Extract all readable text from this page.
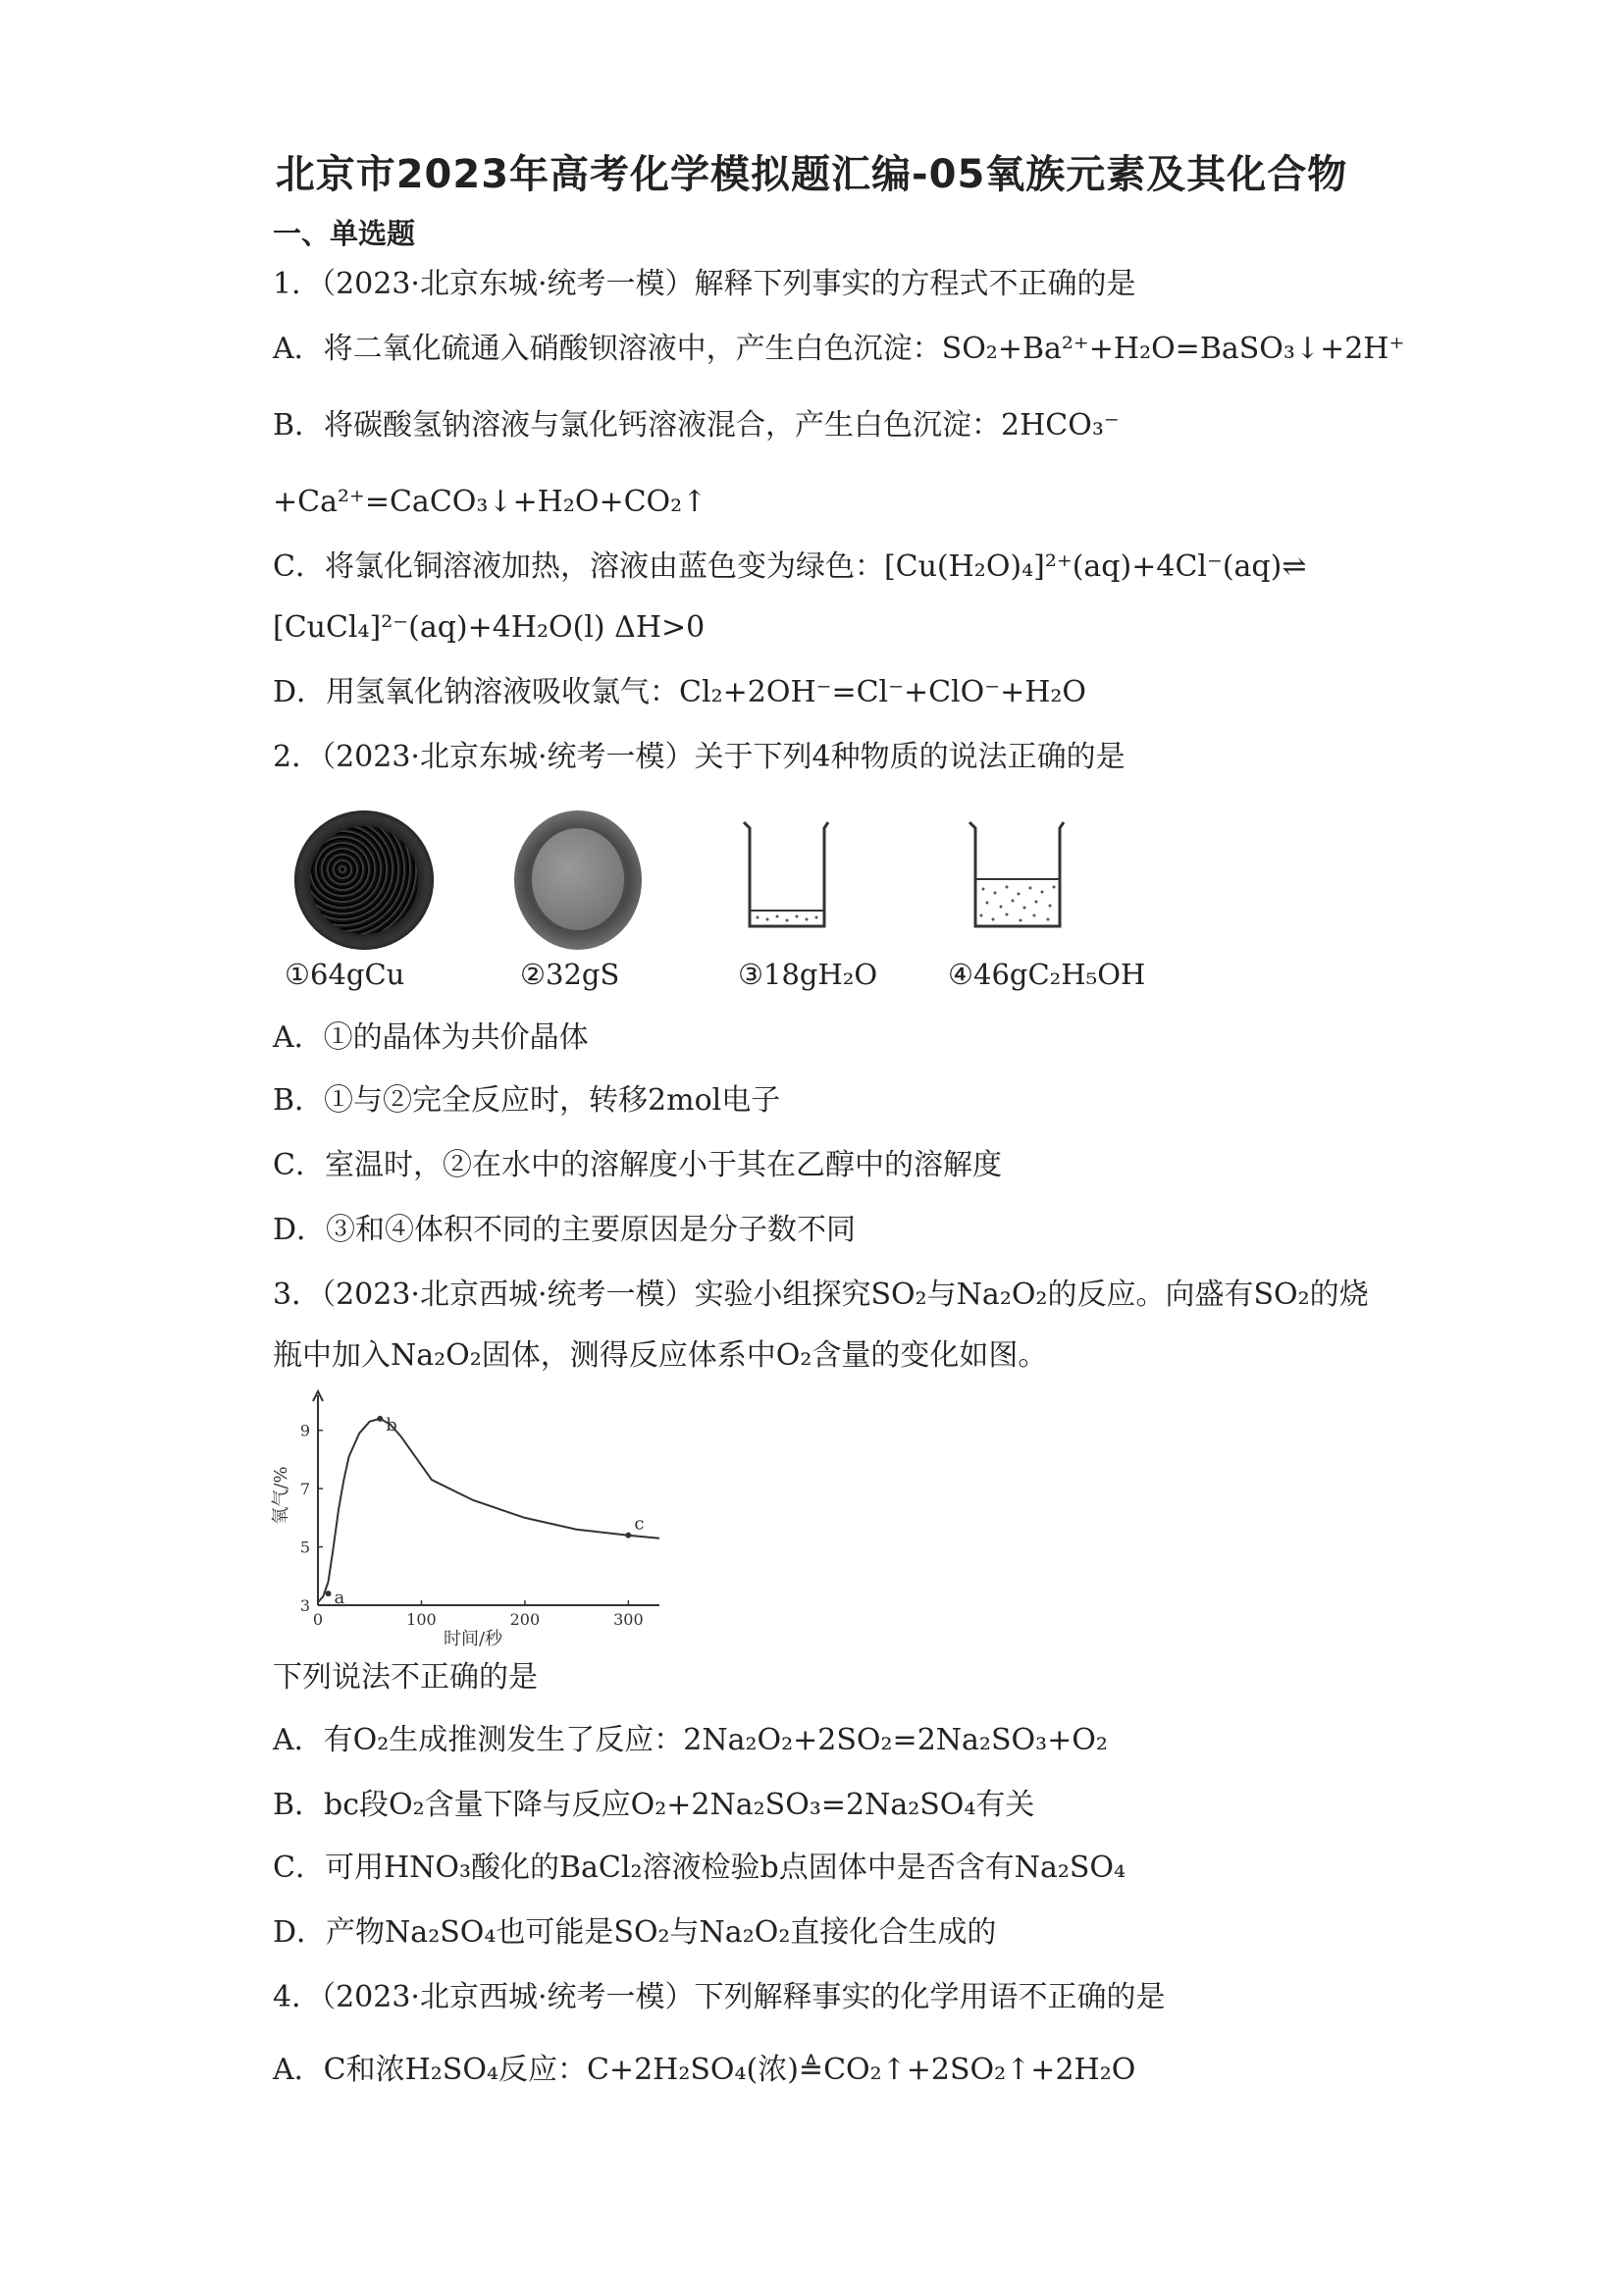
北京市2023年高考化学模拟题汇编-05氧族元素及其化合物
一、单选题
1．（2023·北京东城·统考一模）解释下列事实的方程式不正确的是
A．将二氧化硫通入硝酸钡溶液中，产生白色沉淀：SO₂+Ba²⁺+H₂O=BaSO₃↓+2H⁺
B．将碳酸氢钠溶液与氯化钙溶液混合，产生白色沉淀：2HCO₃⁻
+Ca²⁺=CaCO₃↓+H₂O+CO₂↑
C．将氯化铜溶液加热，溶液由蓝色变为绿色：[Cu(H₂O)₄]²⁺(aq)+4Cl⁻(aq)⇌
[CuCl₄]²⁻(aq)+4H₂O(l) ΔH>0
D．用氢氧化钠溶液吸收氯气：Cl₂+2OH⁻=Cl⁻+ClO⁻+H₂O
2．（2023·北京东城·统考一模）关于下列4种物质的说法正确的是
①64gCu	②32gS	③18gH₂O ④46gC₂H₅OH
A．①的晶体为共价晶体
B．①与②完全反应时，转移2mol电子
C．室温时，②在水中的溶解度小于其在乙醇中的溶解度
D．③和④体积不同的主要原因是分子数不同
3．（2023·北京西城·统考一模）实验小组探究SO₂与Na₂O₂的反应。向盛有SO₂的烧
瓶中加入Na₂O₂固体，测得反应体系中O₂含量的变化如图。
a
b
c
0	100	200	300
3
5
7
9
时间/秒
氧气/%
下列说法不正确的是
A．有O₂生成推测发生了反应：2Na₂O₂+2SO₂=2Na₂SO₃+O₂
B．bc段O₂含量下降与反应O₂+2Na₂SO₃=2Na₂SO₄有关
C．可用HNO₃酸化的BaCl₂溶液检验b点固体中是否含有Na₂SO₄
D．产物Na₂SO₄也可能是SO₂与Na₂O₂直接化合生成的
4．（2023·北京西城·统考一模）下列解释事实的化学用语不正确的是
A．C和浓H₂SO₄反应：C+2H₂SO₄(浓)≜CO₂↑+2SO₂↑+2H₂O
